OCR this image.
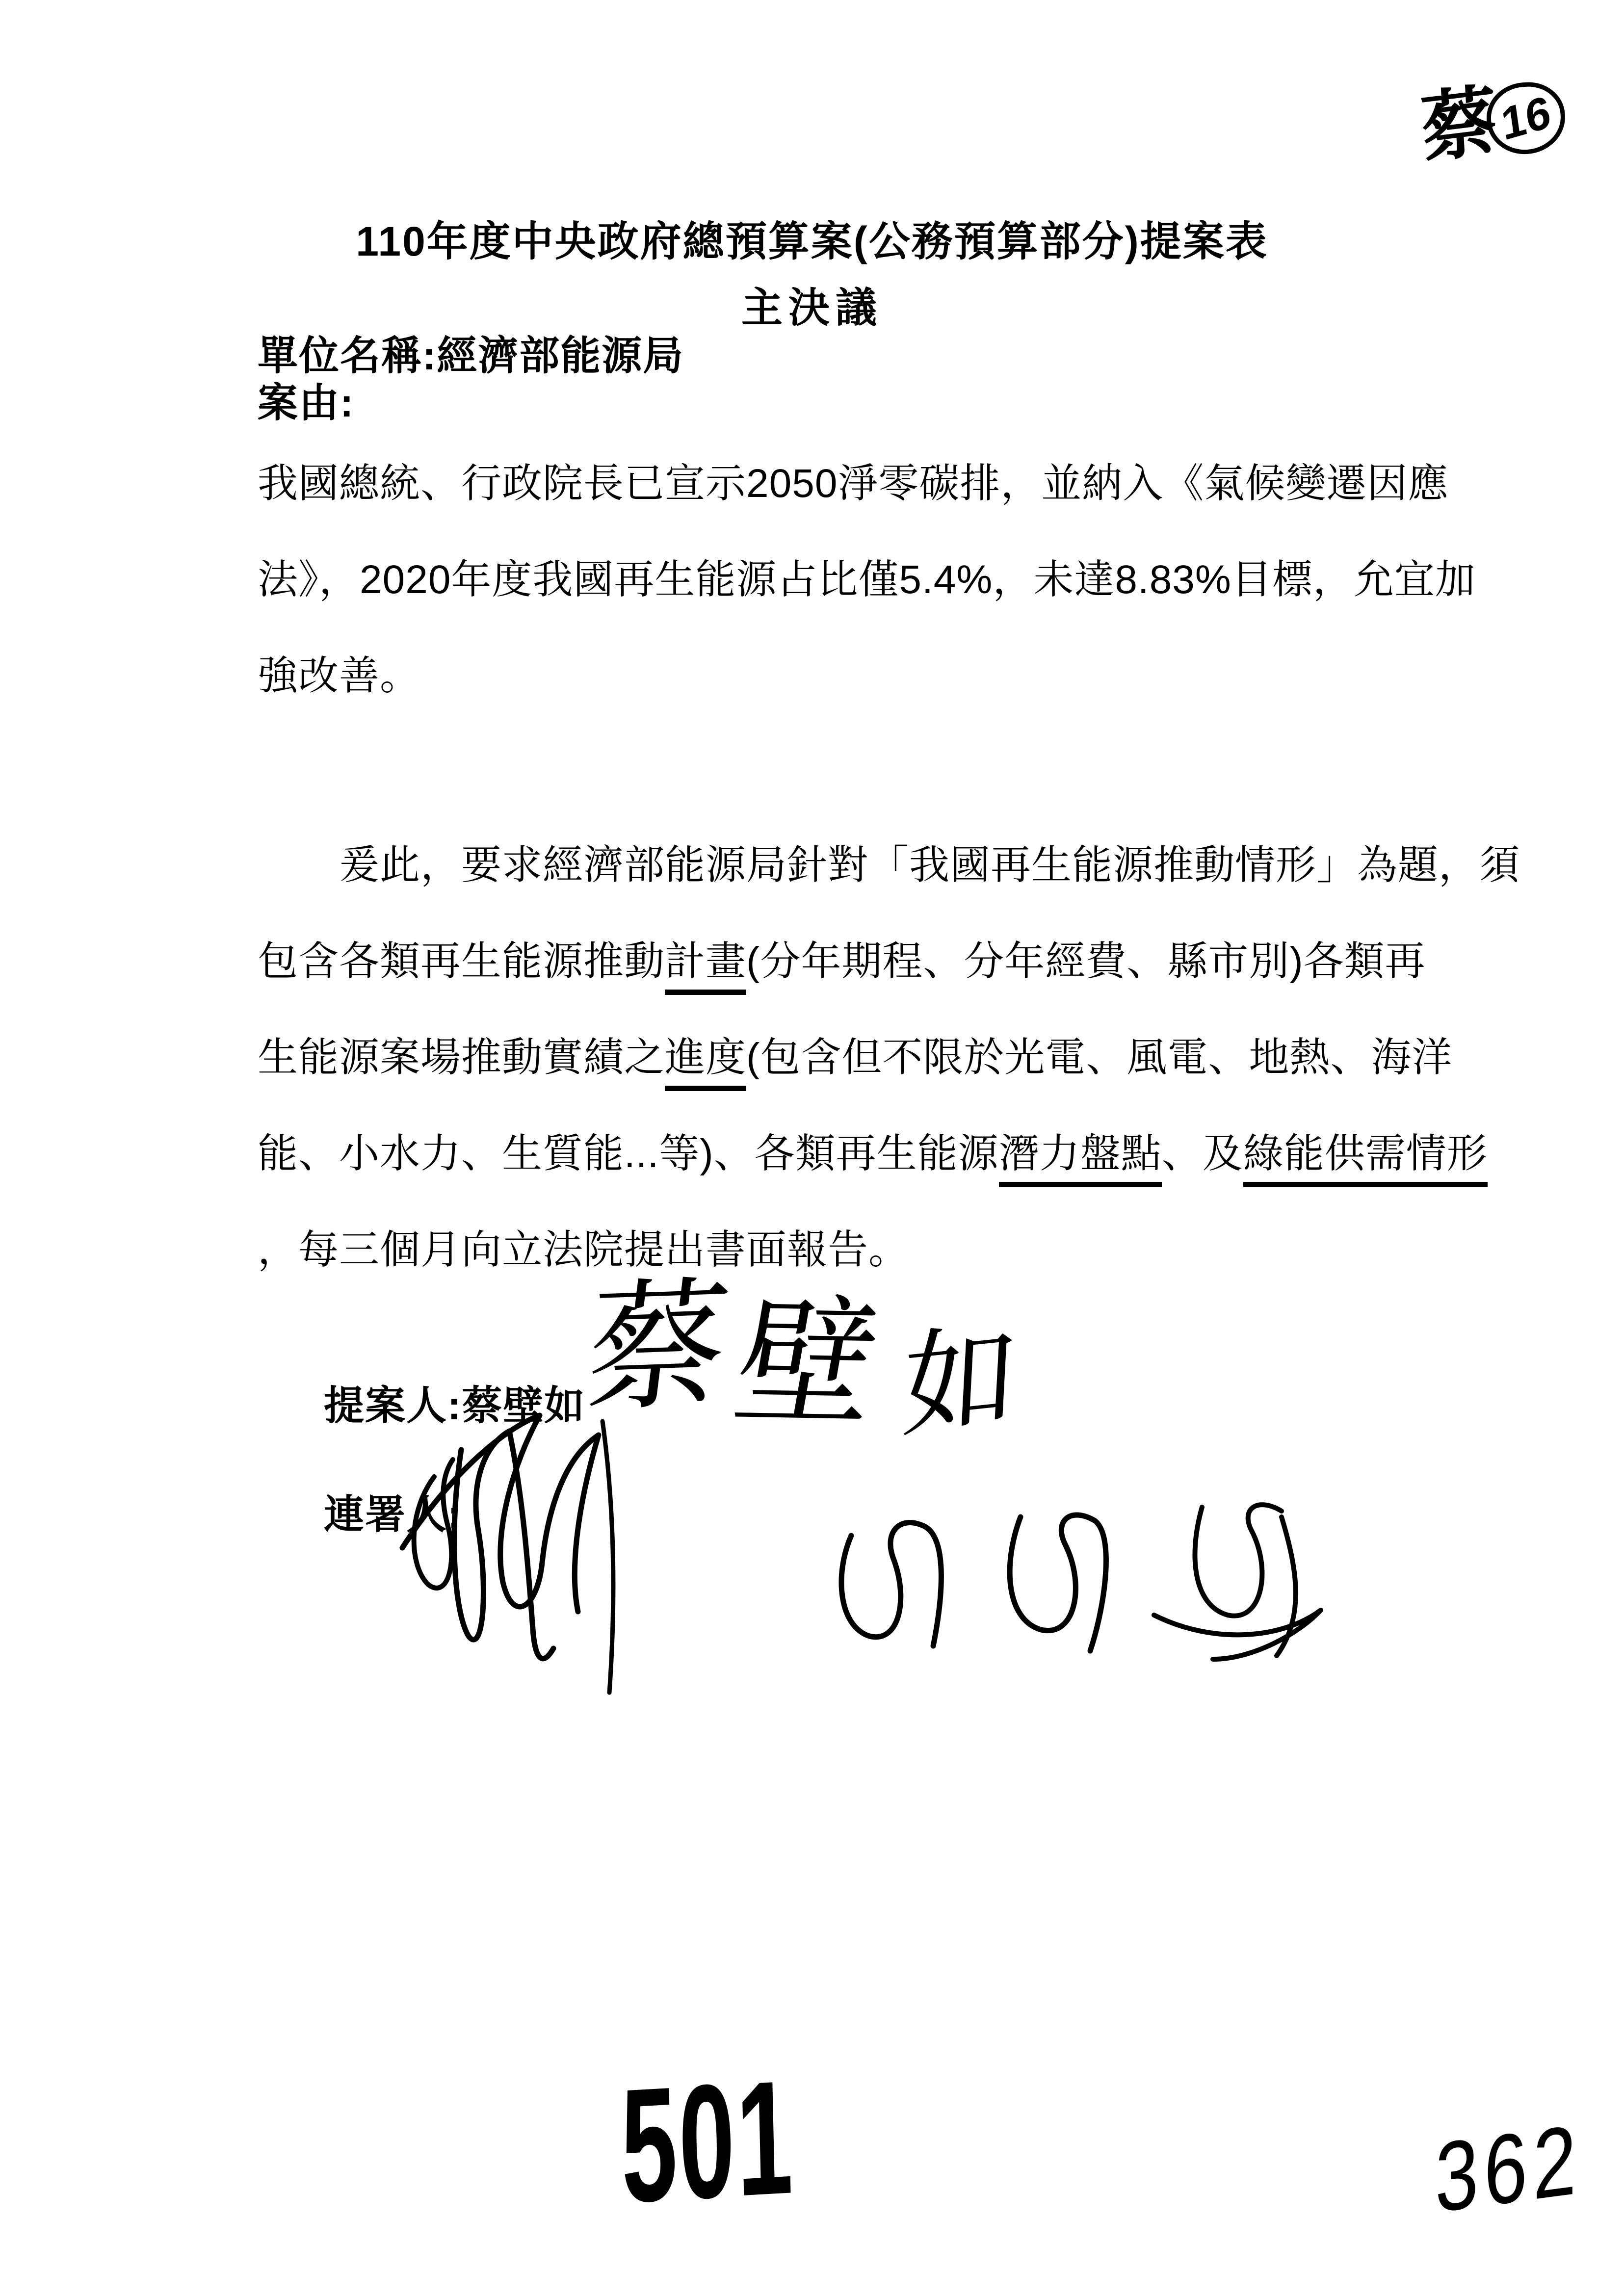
蔡
16
110年度中央政府總預算案(公務預算部分)提案表
主決議
單位名稱:經濟部能源局
案由:
我國總統、行政院長已宣示2050淨零碳排，並納入《氣候變遷因應
法》，2020年度我國再生能源占比僅5.4%，未達8.83%目標，允宜加
強改善。
爰此，要求經濟部能源局針對「我國再生能源推動情形」為題，須
包含各類再生能源推動計畫(分年期程、分年經費、縣市別)各類再
生能源案場推動實績之進度(包含但不限於光電、風電、地熱、海洋
能、小水力、生質能...等)、各類再生能源潛力盤點、及綠能供需情形
，每三個月向立法院提出書面報告。
提案人:蔡壁如
蔡
壁
如
連署人:
501	362
